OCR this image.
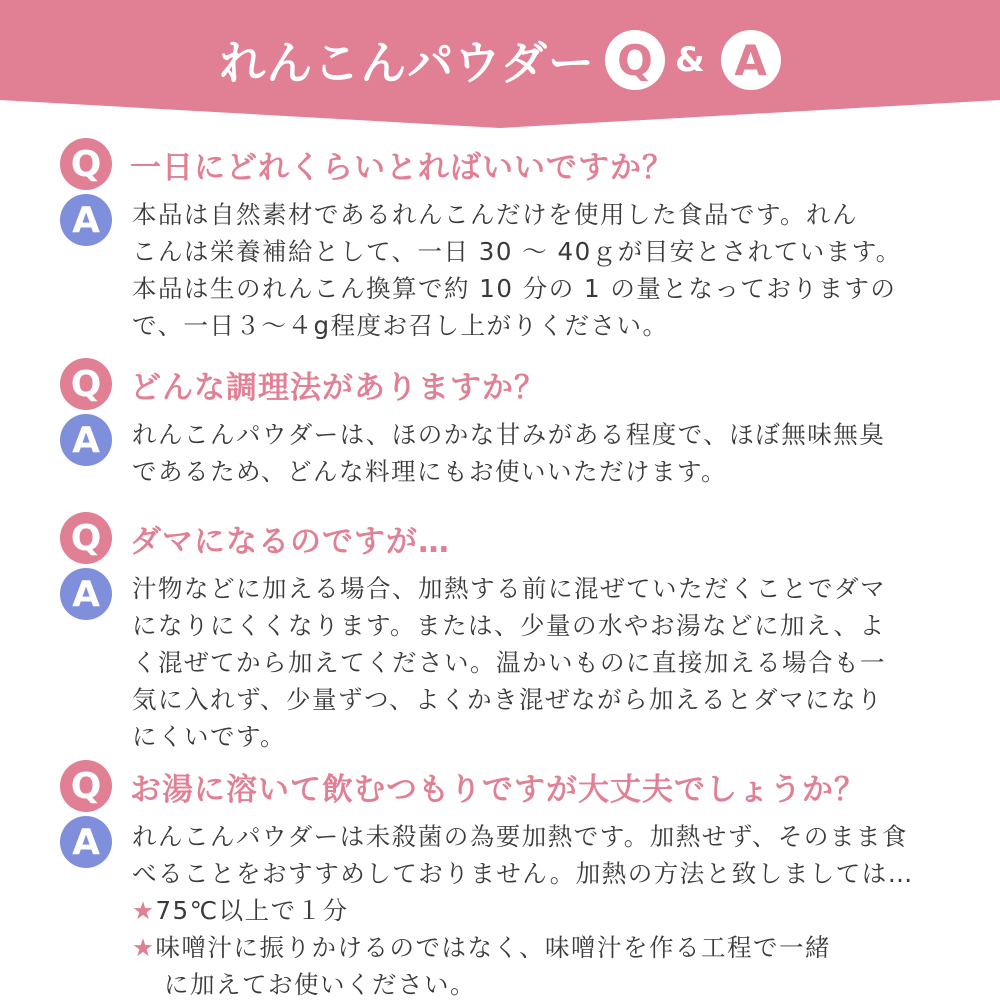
れんこんパウダー Q & A
Q 一日にどれくらいとればいいですか？
A	本品は自然素材であるれんこんだけを使用した食品です。れん
こんは栄養補給として、一日 30 ～ 40ｇが目安とされています。
本品は生のれんこん換算で約 10 分の 1 の量となっておりますの
で、一日３～４g程度お召し上がりください。
Q どんな調理法がありますか？
A	れんこんパウダーは、ほのかな甘みがある程度で、ほぼ無味無臭
であるため、どんな料理にもお使いいただけます。
Q ダマになるのですが…
A	汁物などに加える場合、加熱する前に混ぜていただくことでダマ
になりにくくなります。または、少量の水やお湯などに加え、よ
く混ぜてから加えてください。温かいものに直接加える場合も一
気に入れず、少量ずつ、よくかき混ぜながら加えるとダマになり
にくいです。
Q お湯に溶いて飲むつもりですが大丈夫でしょうか？
A	れんこんパウダーは未殺菌の為要加熱です。加熱せず、そのまま食
べることをおすすめしておりません。加熱の方法と致しましては…
★75℃以上で１分
★味噌汁に振りかけるのではなく、味噌汁を作る工程で一緒
に加えてお使いください。
